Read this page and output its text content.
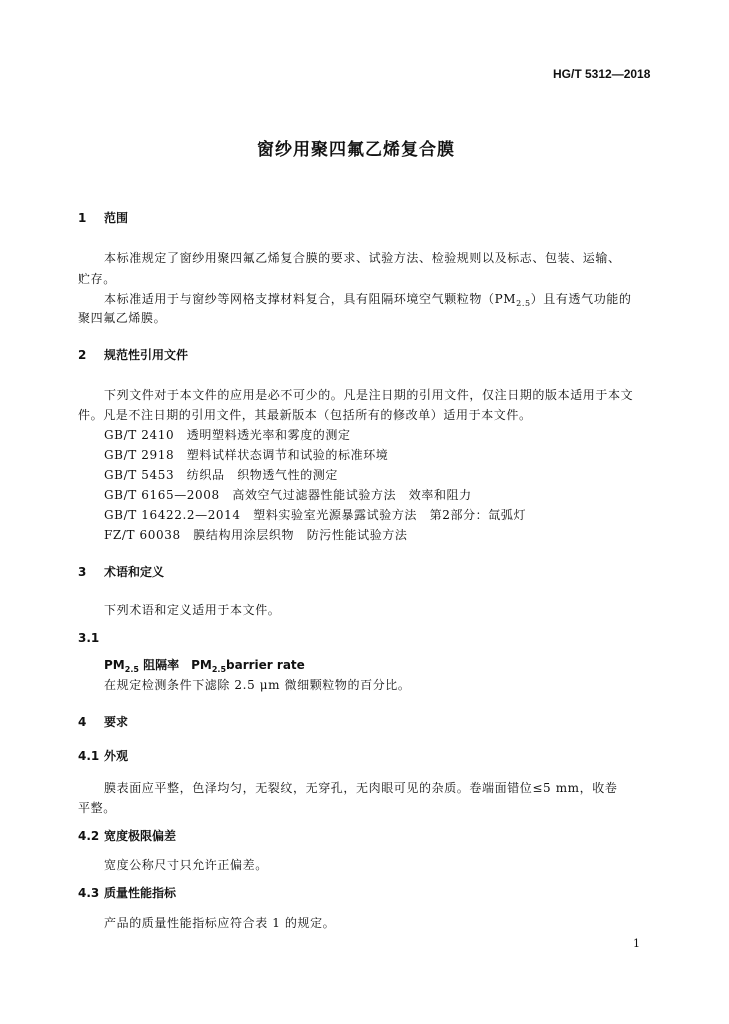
HG/T 5312—2018
窗纱用聚四氟乙烯复合膜
1 范围
本标准规定了窗纱用聚四氟乙烯复合膜的要求、试验方法、检验规则以及标志、包装、运输、
贮存。
本标准适用于与窗纱等网格支撑材料复合，具有阻隔环境空气颗粒物$(PM_{2.5})$且有透气功能的
聚四氟乙烯膜。
2 规范性引用文件
下列文件对于本文件的应用是必不可少的。凡是注日期的引用文件，仅注日期的版本适用于本文
件。凡是不注日期的引用文件，其最新版本（包括所有的修改单）适用于本文件。
GB/T 2410　透明塑料透光率和雾度的测定
GB/T 2918　塑料试样状态调节和试验的标准环境
GB/T 5453　纺织品　织物透气性的测定
GB/T 6165—2008　高效空气过滤器性能试验方法　效率和阻力
GB/T 16422.2—2014　塑料实验室光源暴露试验方法　第2部分：氙弧灯
FZ/T 60038　膜结构用涂层织物　防污性能试验方法
3 术语和定义
下列术语和定义适用于本文件。
3.1
$PM_{2.5}$ 阻隔率　$PM_{2.5}barrier$ rate
在规定检测条件下滤除 2.5 μm 微细颗粒物的百分比。
4 要求
4.1 外观
膜表面应平整，色泽均匀，无裂纹，无穿孔，无肉眼可见的杂质。卷端面错位≤5 mm，收卷
平整。
4.2 宽度极限偏差
宽度公称尺寸只允许正偏差。
4.3 质量性能指标
产品的质量性能指标应符合表 1 的规定。
1
